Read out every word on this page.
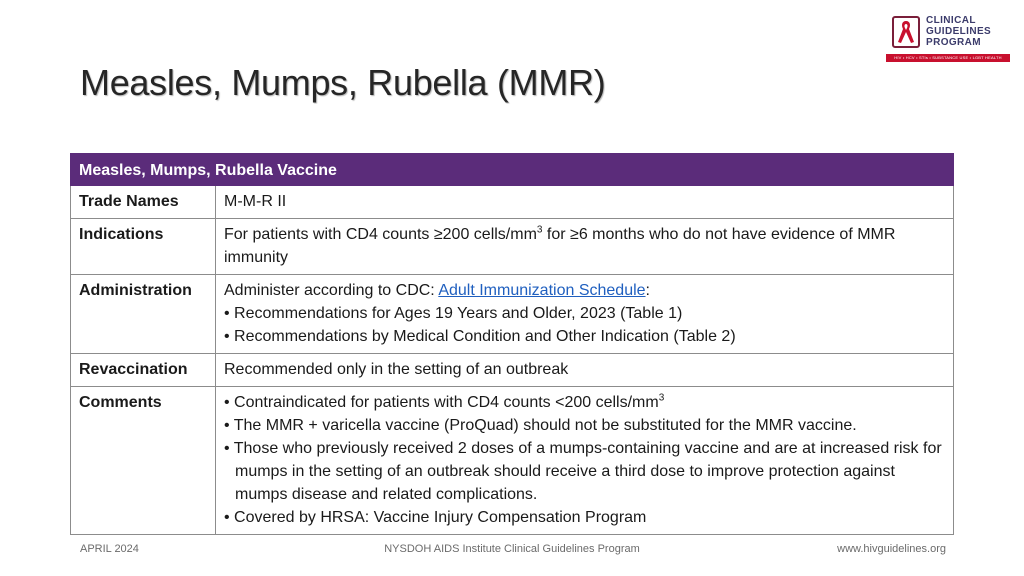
Measles, Mumps, Rubella (MMR)
CLINICAL
GUIDELINES
PROGRAM
HIV • HCV • STIs • SUBSTANCE USE • LGBT HEALTH
Measles, Mumps, Rubella Vaccine	
Trade Names	M-M-R II
Indications	For patients with CD4 counts ≥200 cells/$mm^3$ for ≥6 months who do not have evidence of MMR immunity
Administration	Administer according to CDC: Adult Immunization Schedule:
• Recommendations for Ages 19 Years and Older, 2023 (Table 1)
• Recommendations by Medical Condition and Other Indication (Table 2)

Revaccination	Recommended only in the setting of an outbreak
Comments	• Contraindicated for patients with CD4 counts <200 cells/$mm^3$
• The MMR + varicella vaccine (ProQuad) should not be substituted for the MMR vaccine.
• Those who previously received 2 doses of a mumps-containing vaccine and are at increased risk for mumps in the setting of an outbreak should receive a third dose to improve protection against mumps disease and related complications.
• Covered by HRSA: Vaccine Injury Compensation Program
APRIL 2024	NYSDOH AIDS Institute Clinical Guidelines Program	www.hivguidelines.org
